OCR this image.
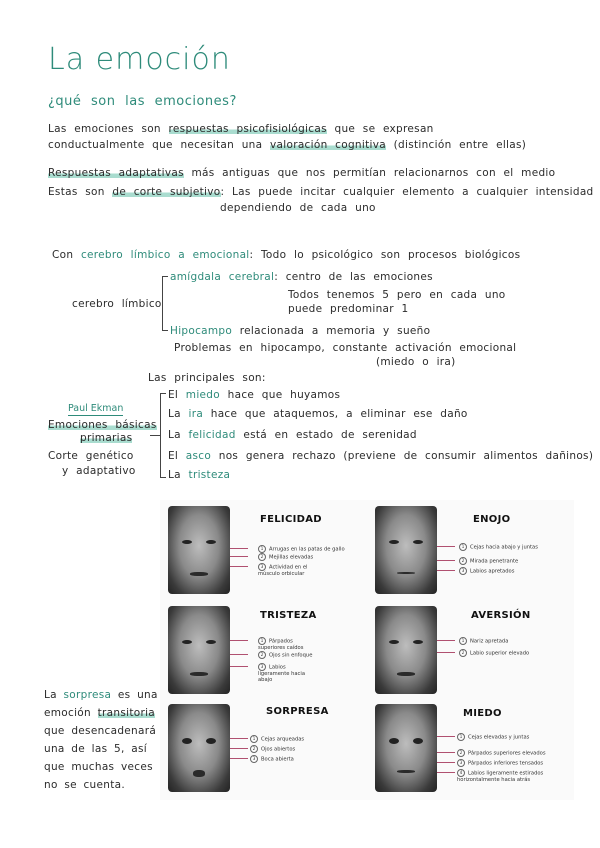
La emoción
¿qué son las emociones?
Las emociones son respuestas psicofisiológicas que se expresan
conductualmente que necesitan una valoración cognitiva (distinción entre ellas)
Respuestas adaptativas más antiguas que nos permitían relacionarnos con el medio
Estas son de corte subjetivo: Las puede incitar cualquier elemento a cualquier intensidad
dependiendo de cada uno
Con cerebro límbico a emocional: Todo lo psicológico son procesos biológicos
cerebro límbico
amígdala cerebral: centro de las emociones
Todos tenemos 5 pero en cada uno
puede predominar 1
Hipocampo relacionada a memoria y sueño
Problemas en hipocampo, constante activación emocional
(miedo o ira)
Las principales son:
Paul Ekman
Emociones básicas
primarias
Corte genético
y adaptativo
El miedo hace que huyamos
La ira hace que ataquemos, a eliminar ese daño
La felicidad está en estado de serenidad
El asco nos genera rechazo (previene de consumir alimentos dañinos)
La tristeza
La sorpresa es una
emoción transitoria
que desencadenará
una de las 5, así
que muchas veces
no se cuenta.
FELICIDAD
1 Arrugas en las patas de gallo
2 Mejillas elevadas
3 Actividad en el músculo orbicular
ENOJO
1 Cejas hacia abajo y juntas
2 Mirada penetrante
3 Labios apretados
TRISTEZA
1 Párpados superiores caídos
2 Ojos sin enfoque
3 Labios ligeramente hacia abajo
AVERSIÓN
1 Nariz apretada
2 Labio superior elevado
SORPRESA
1 Cejas arqueadas
2 Ojos abiertos
3 Boca abierta
MIEDO
1 Cejas elevadas y juntas
2 Párpados superiores elevados
3 Párpados inferiores tensados
4 Labios ligeramente estirados horizontalmente hacia atrás
